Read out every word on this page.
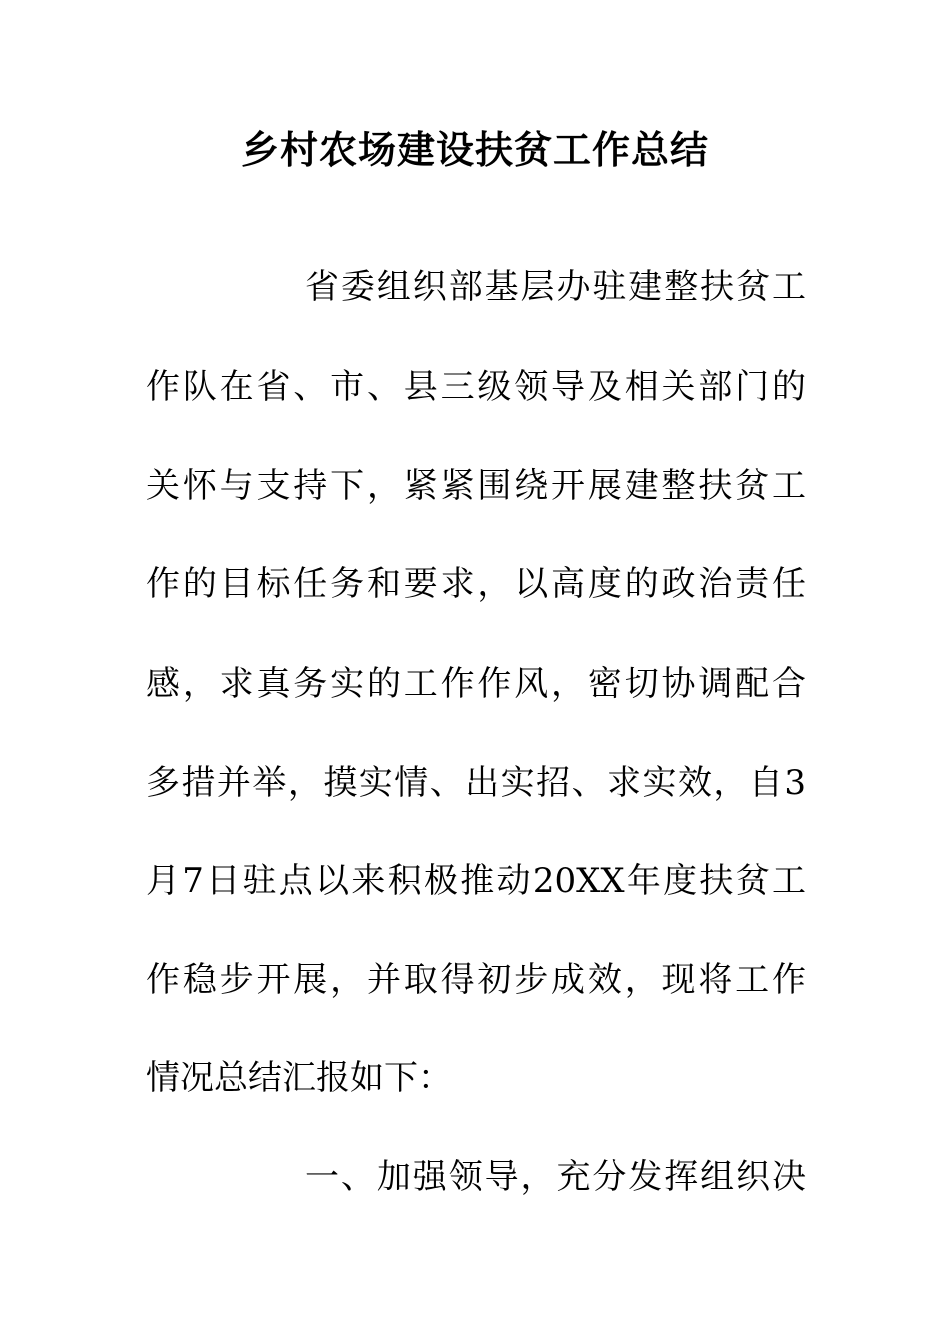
乡村农场建设扶贫工作总结
省委组织部基层办驻建整扶贫工
作队在省、市、县三级领导及相关部门的
关怀与支持下，紧紧围绕开展建整扶贫工
作的目标任务和要求，以高度的政治责任
感，求真务实的工作作风，密切协调配合
多措并举，摸实情、出实招、求实效，自3
月7日驻点以来积极推动20XX年度扶贫工
作稳步开展，并取得初步成效，现将工作
情况总结汇报如下：
一、加强领导，充分发挥组织决
